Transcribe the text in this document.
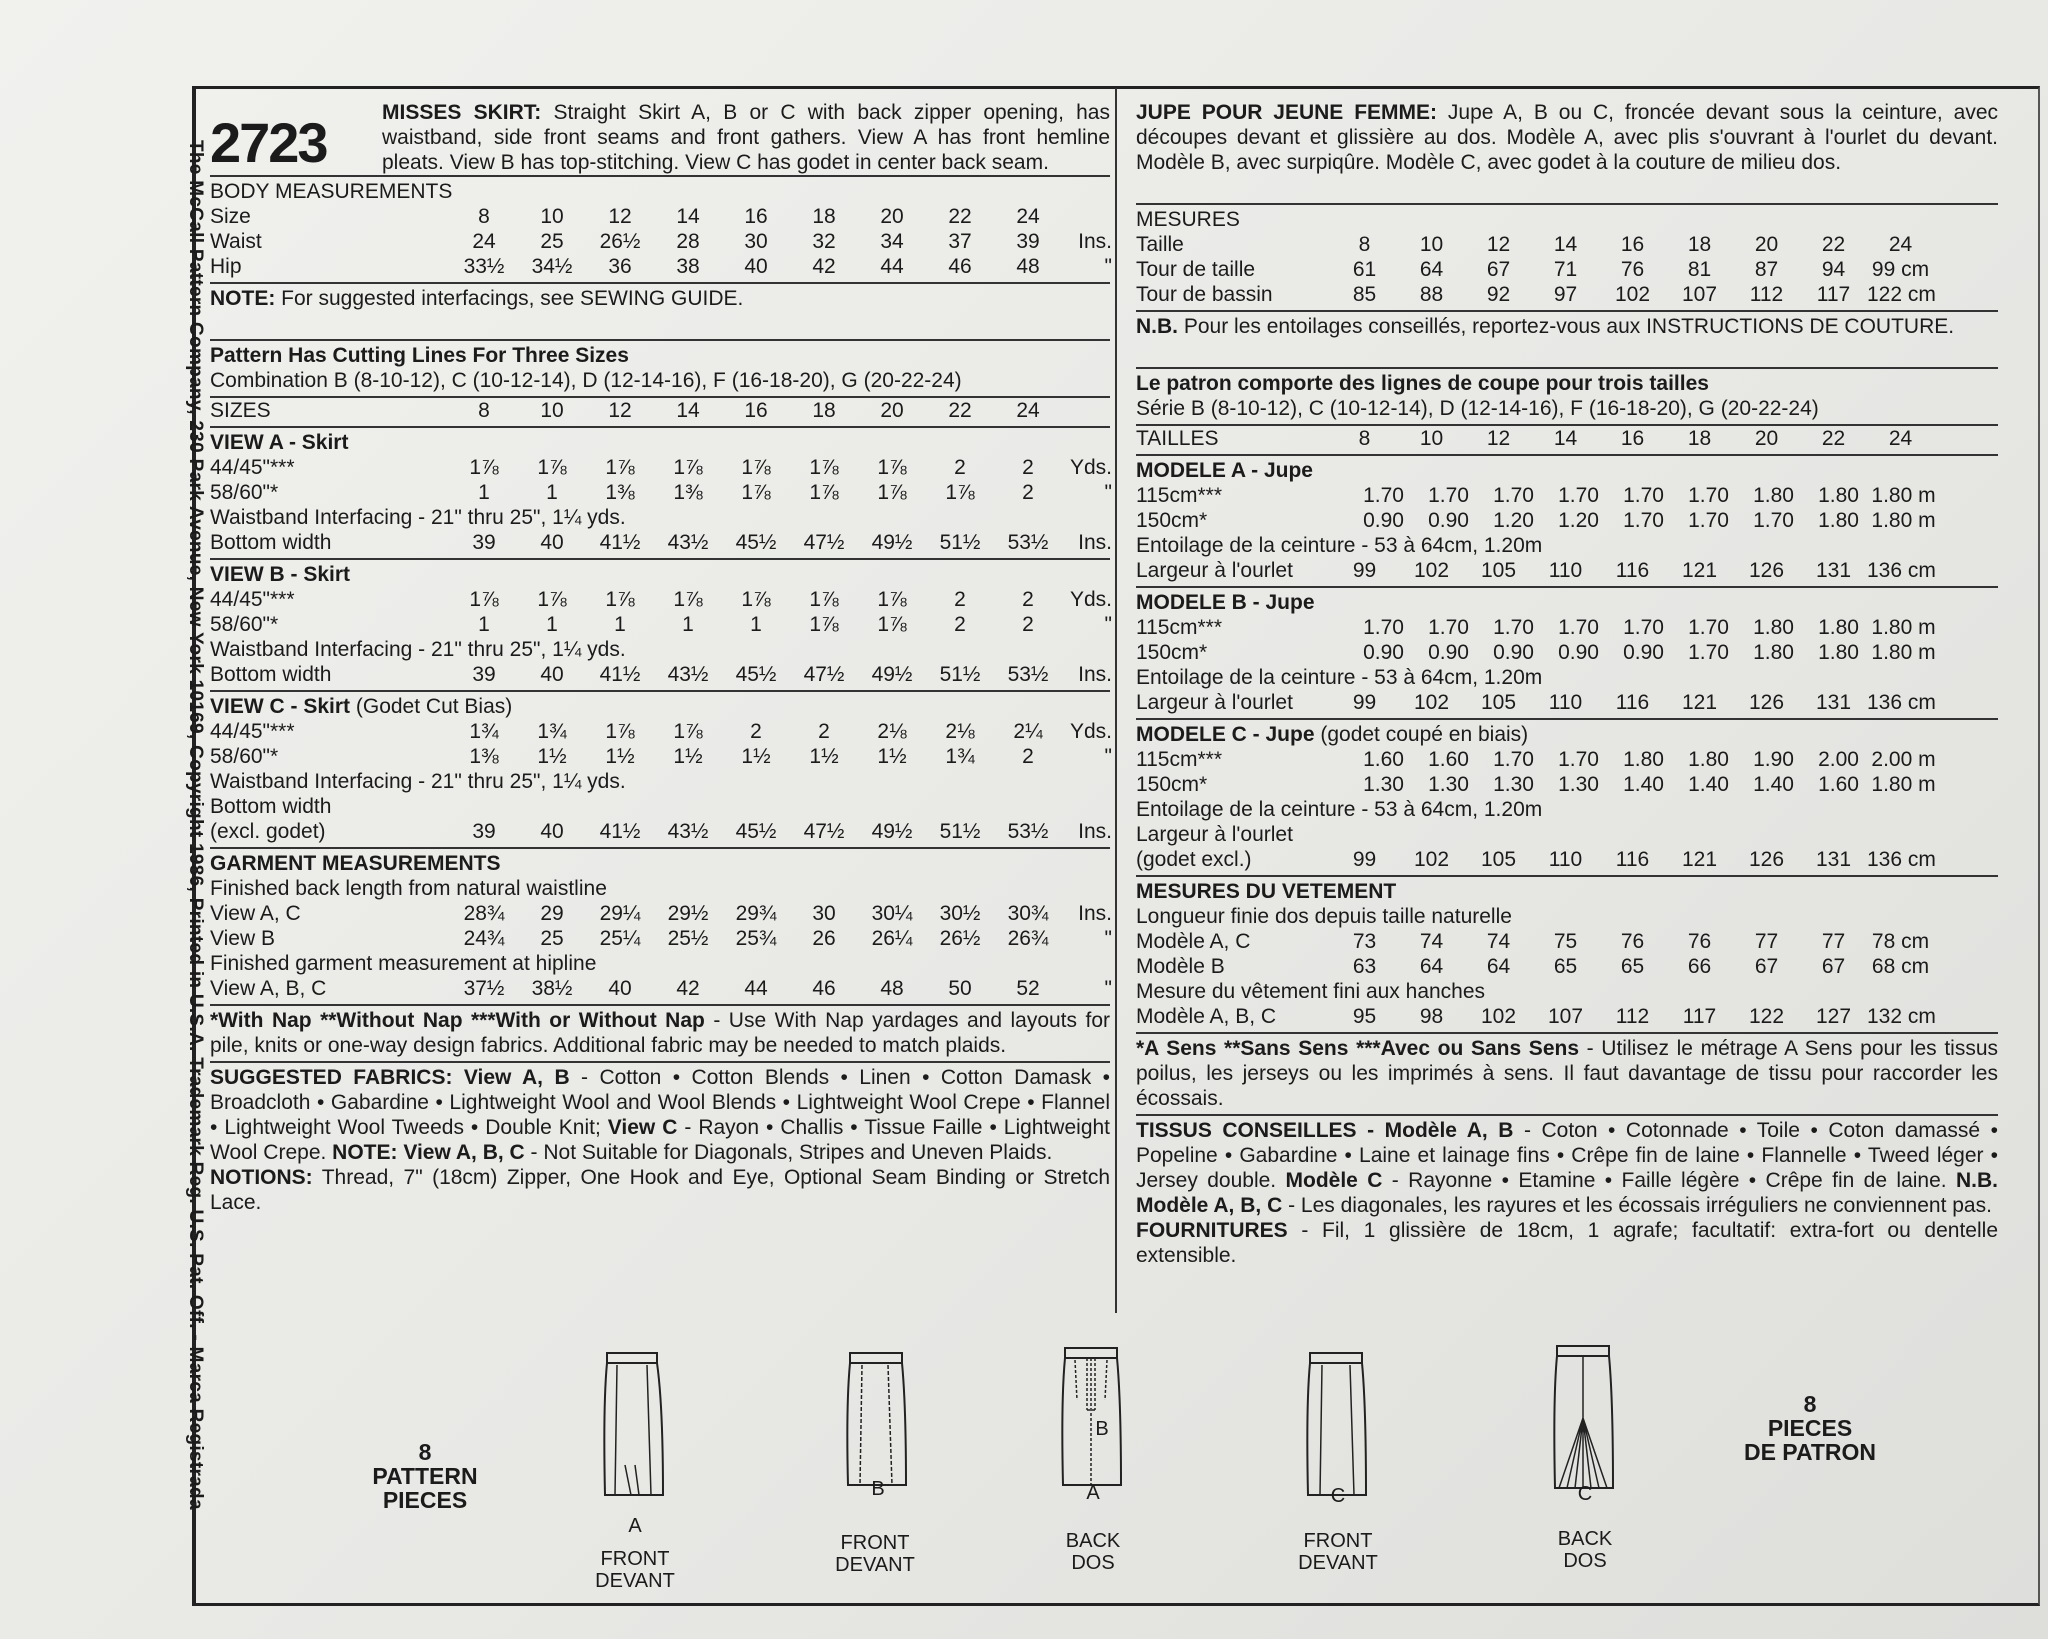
The McCall Pattern Company, 230 Park Avenue, New York 10169, Copyright 1986, Printed in U.S.A. Trademark Reg. U.S. Pat. Off. - Marca Registrada 2723	MISSES SKIRT: Straight Skirt A, B or C with back zipper opening, has waistband, side front seams and front gathers. View A has front hemline pleats. View B has top-stitching. View C has godet in center back seam.
BODY MEASUREMENTS
Size	8	10	12	14	16	18	20	22	24
Waist	24	25	26½	28	30	32	34	37	39	Ins.
Hip	33½	34½	36	38	40	42	44	46	48	"
NOTE: For suggested interfacings, see SEWING GUIDE.
Pattern Has Cutting Lines For Three Sizes
Combination B (8-10-12), C (10-12-14), D (12-14-16), F (16-18-20), G (20-22-24)
SIZES	8	10	12	14	16	18	20	22	24
VIEW A - Skirt
44/45"***	1⅞	1⅞	1⅞	1⅞	1⅞	1⅞	1⅞	2	2	Yds.
58/60"*	1	1	1⅜	1⅜	1⅞	1⅞	1⅞	1⅞	2	"
Waistband Interfacing - 21" thru 25", 1¼ yds.
Bottom width	39	40	41½	43½	45½	47½	49½	51½	53½	Ins.
VIEW B - Skirt
44/45"***	1⅞	1⅞	1⅞	1⅞	1⅞	1⅞	1⅞	2	2	Yds.
58/60"*	1	1	1	1	1	1⅞	1⅞	2	2	"
Waistband Interfacing - 21" thru 25", 1¼ yds.
Bottom width	39	40	41½	43½	45½	47½	49½	51½	53½	Ins.
VIEW C - Skirt (Godet Cut Bias)
44/45"***	1¾	1¾	1⅞	1⅞	2	2	2⅛	2⅛	2¼	Yds.
58/60"*	1⅜	1½	1½	1½	1½	1½	1½	1¾	2	"
Waistband Interfacing - 21" thru 25", 1¼ yds.
Bottom width
(excl. godet)	39	40	41½	43½	45½	47½	49½	51½	53½	Ins.
GARMENT MEASUREMENTS
Finished back length from natural waistline
View A, C	28¾	29	29¼	29½	29¾	30	30¼	30½	30¾	Ins.
View B	24¾	25	25¼	25½	25¾	26	26¼	26½	26¾	"
Finished garment measurement at hipline
View A, B, C	37½	38½	40	42	44	46	48	50	52	"
*With Nap **Without Nap ***With or Without Nap - Use With Nap yardages and layouts for pile, knits or one-way design fabrics. Additional fabric may be needed to match plaids.
SUGGESTED FABRICS: View A, B - Cotton • Cotton Blends • Linen • Cotton Damask • Broadcloth • Gabardine • Lightweight Wool and Wool Blends • Lightweight Wool Crepe • Flannel • Lightweight Wool Tweeds • Double Knit; View C - Rayon • Challis • Tissue Faille • Lightweight Wool Crepe. NOTE: View A, B, C - Not Suitable for Diagonals, Stripes and Uneven Plaids.
NOTIONS: Thread, 7" (18cm) Zipper, One Hook and Eye, Optional Seam Binding or Stretch Lace.
JUPE POUR JEUNE FEMME: Jupe A, B ou C, froncée devant sous la ceinture, avec découpes devant et glissière au dos. Modèle A, avec plis s'ouvrant à l'ourlet du devant. Modèle B, avec surpiqûre. Modèle C, avec godet à la couture de milieu dos.
MESURES
Taille	8	10	12	14	16	18	20	22	24
Tour de taille	61	64	67	71	76	81	87	94	99 cm
Tour de bassin	85	88	92	97	102	107	112	117 122 cm
N.B. Pour les entoilages conseillés, reportez-vous aux INSTRUCTIONS DE COUTURE.
Le patron comporte des lignes de coupe pour trois tailles
Série B (8-10-12), C (10-12-14), D (12-14-16), F (16-18-20), G (20-22-24)
TAILLES	8	10	12	14	16	18	20	22	24
MODELE A - Jupe
115cm***	1.70	1.70	1.70	1.70	1.70	1.70	1.80	1.80 1.80 m
150cm*	0.90	0.90	1.20	1.20	1.70	1.70	1.70	1.80 1.80 m
Entoilage de la ceinture - 53 à 64cm, 1.20m
Largeur à l'ourlet	99	102	105	110	116	121	126	131 136 cm
MODELE B - Jupe
115cm***	1.70	1.70	1.70	1.70	1.70	1.70	1.80	1.80 1.80 m
150cm*	0.90	0.90	0.90	0.90	0.90	1.70	1.80	1.80 1.80 m
Entoilage de la ceinture - 53 à 64cm, 1.20m
Largeur à l'ourlet	99	102	105	110	116	121	126	131 136 cm
MODELE C - Jupe (godet coupé en biais)
115cm***	1.60	1.60	1.70	1.70	1.80	1.80	1.90	2.00 2.00 m
150cm*	1.30	1.30	1.30	1.30	1.40	1.40	1.40	1.60 1.80 m
Entoilage de la ceinture - 53 à 64cm, 1.20m
Largeur à l'ourlet
(godet excl.)	99	102	105	110	116	121	126	131 136 cm
MESURES DU VETEMENT
Longueur finie dos depuis taille naturelle
Modèle A, C	73	74	74	75	76	76	77	77	78 cm
Modèle B	63	64	64	65	65	66	67	67	68 cm
Mesure du vêtement fini aux hanches
Modèle A, B, C	95	98	102	107	112	117	122	127 132 cm
*A Sens **Sans Sens ***Avec ou Sans Sens - Utilisez le métrage A Sens pour les tissus poilus, les jerseys ou les imprimés à sens. Il faut davantage de tissu pour raccorder les écossais.
TISSUS CONSEILLES - Modèle A, B - Coton • Cotonnade • Toile • Coton damassé • Popeline • Gabardine • Laine et lainage fins • Crêpe fin de laine • Flannelle • Tweed léger • Jersey double. Modèle C - Rayonne • Etamine • Faille légère • Crêpe fin de laine. N.B. Modèle A, B, C - Les diagonales, les rayures et les écossais irréguliers ne conviennent pas.
FOURNITURES - Fil, 1 glissière de 18cm, 1 agrafe; facultatif: extra-fort ou dentelle extensible.
8
PATTERN
PIECES
8
PIECES
DE PATRON
A
FRONT
DEVANT
B
FRONT
DEVANT
B
A
BACK
DOS
C
FRONT
DEVANT
C
BACK
DOS
